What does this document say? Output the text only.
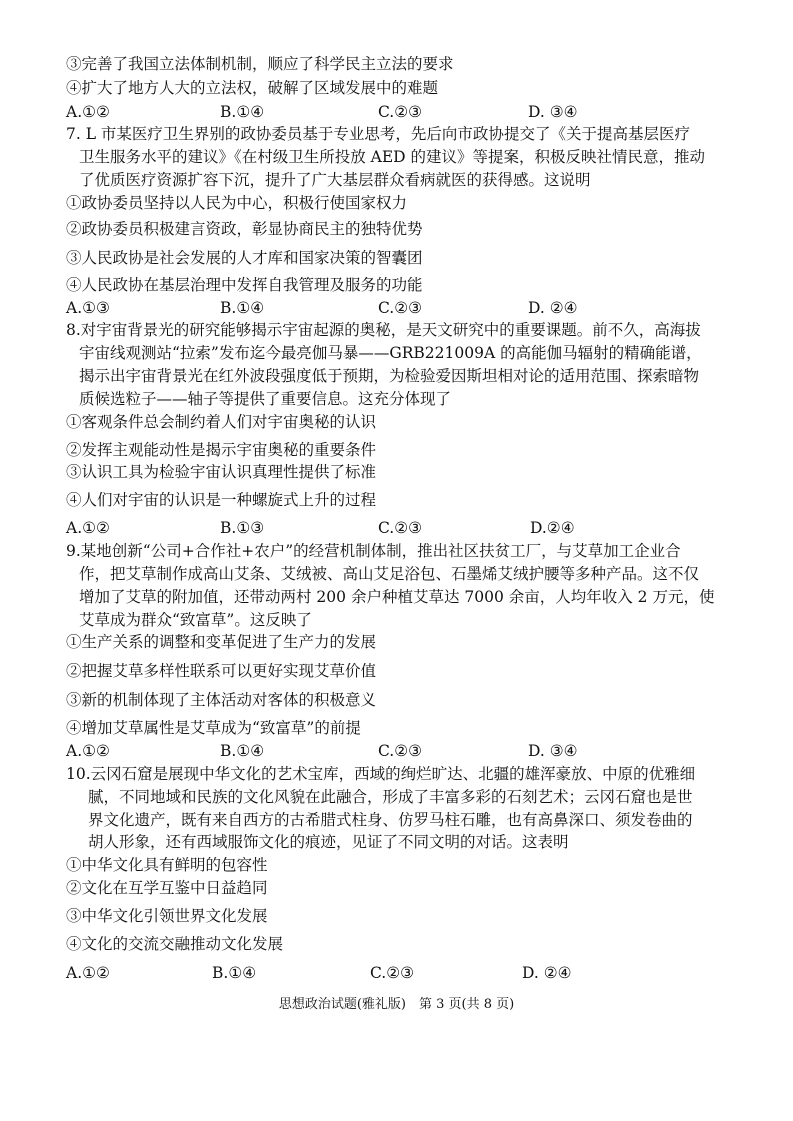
③完善了我国立法体制机制，顺应了科学民主立法的要求
④扩大了地方人大的立法权，破解了区域发展中的难题
A.①②	B.①④	C.②③	D. ③④
7. L 市某医疗卫生界别的政协委员基于专业思考，先后向市政协提交了《关于提高基层医疗
卫生服务水平的建议》《在村级卫生所投放 AED 的建议》等提案，积极反映社情民意，推动
了优质医疗资源扩容下沉，提升了广大基层群众看病就医的获得感。这说明
①政协委员坚持以人民为中心，积极行使国家权力
②政协委员积极建言资政，彰显协商民主的独特优势
③人民政协是社会发展的人才库和国家决策的智囊团
④人民政协在基层治理中发挥自我管理及服务的功能
A.①③	B.①④	C.②③	D. ②④
8.对宇宙背景光的研究能够揭示宇宙起源的奥秘，是天文研究中的重要课题。前不久，高海拔
宇宙线观测站“拉索”发布迄今最亮伽马暴——GRB221009A 的高能伽马辐射的精确能谱，
揭示出宇宙背景光在红外波段强度低于预期，为检验爱因斯坦相对论的适用范围、探索暗物
质候选粒子——轴子等提供了重要信息。这充分体现了
①客观条件总会制约着人们对宇宙奥秘的认识
②发挥主观能动性是揭示宇宙奥秘的重要条件
③认识工具为检验宇宙认识真理性提供了标准
④人们对宇宙的认识是一种螺旋式上升的过程
A.①②	B.①③	C.②③	D.②④
9.某地创新“公司+合作社+农户”的经营机制体制，推出社区扶贫工厂，与艾草加工企业合
作，把艾草制作成高山艾条、艾绒被、高山艾足浴包、石墨烯艾绒护腰等多种产品。这不仅
增加了艾草的附加值，还带动两村 200 余户种植艾草达 7000 余亩，人均年收入 2 万元，使
艾草成为群众“致富草”。这反映了
①生产关系的调整和变革促进了生产力的发展
②把握艾草多样性联系可以更好实现艾草价值
③新的机制体现了主体活动对客体的积极意义
④增加艾草属性是艾草成为“致富草”的前提
A.①②	B.①④	C.②③	D. ③④
10.云冈石窟是展现中华文化的艺术宝库，西域的绚烂旷达、北疆的雄浑豪放、中原的优雅细
腻，不同地域和民族的文化风貌在此融合，形成了丰富多彩的石刻艺术；云冈石窟也是世
界文化遗产，既有来自西方的古希腊式柱身、仿罗马柱石雕，也有高鼻深口、须发卷曲的
胡人形象，还有西域服饰文化的痕迹，见证了不同文明的对话。这表明
①中华文化具有鲜明的包容性
②文化在互学互鉴中日益趋同
③中华文化引领世界文化发展
④文化的交流交融推动文化发展
A.①②	B.①④	C.②③	D. ②④
思想政治试题(雅礼版)　第 3 页(共 8 页)
